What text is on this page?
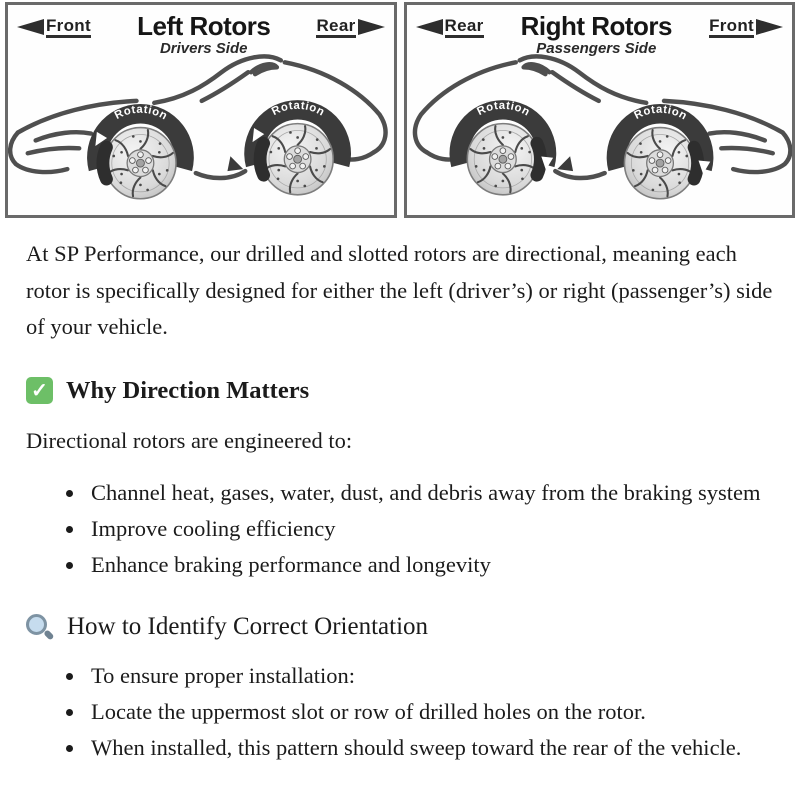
Front Left Rotors
Drivers Side
Rear
Rotation	Rotation
Rear Right Rotors
Passengers Side
Front
Rotation	Rotation

At SP Performance, our drilled and slotted rotors are directional, meaning each rotor is specifically designed for either the left (driver’s) or right (passenger’s) side of your vehicle.

✓ Why Direction Matters

Directional rotors are engineered to:

• Channel heat, gases, water, dust, and debris away from the braking system
• Improve cooling efficiency
• Enhance braking performance and longevity
How to Identify Correct Orientation
• To ensure proper installation:
• Locate the uppermost slot or row of drilled holes on the rotor.
• When installed, this pattern should sweep toward the rear of the vehicle.
